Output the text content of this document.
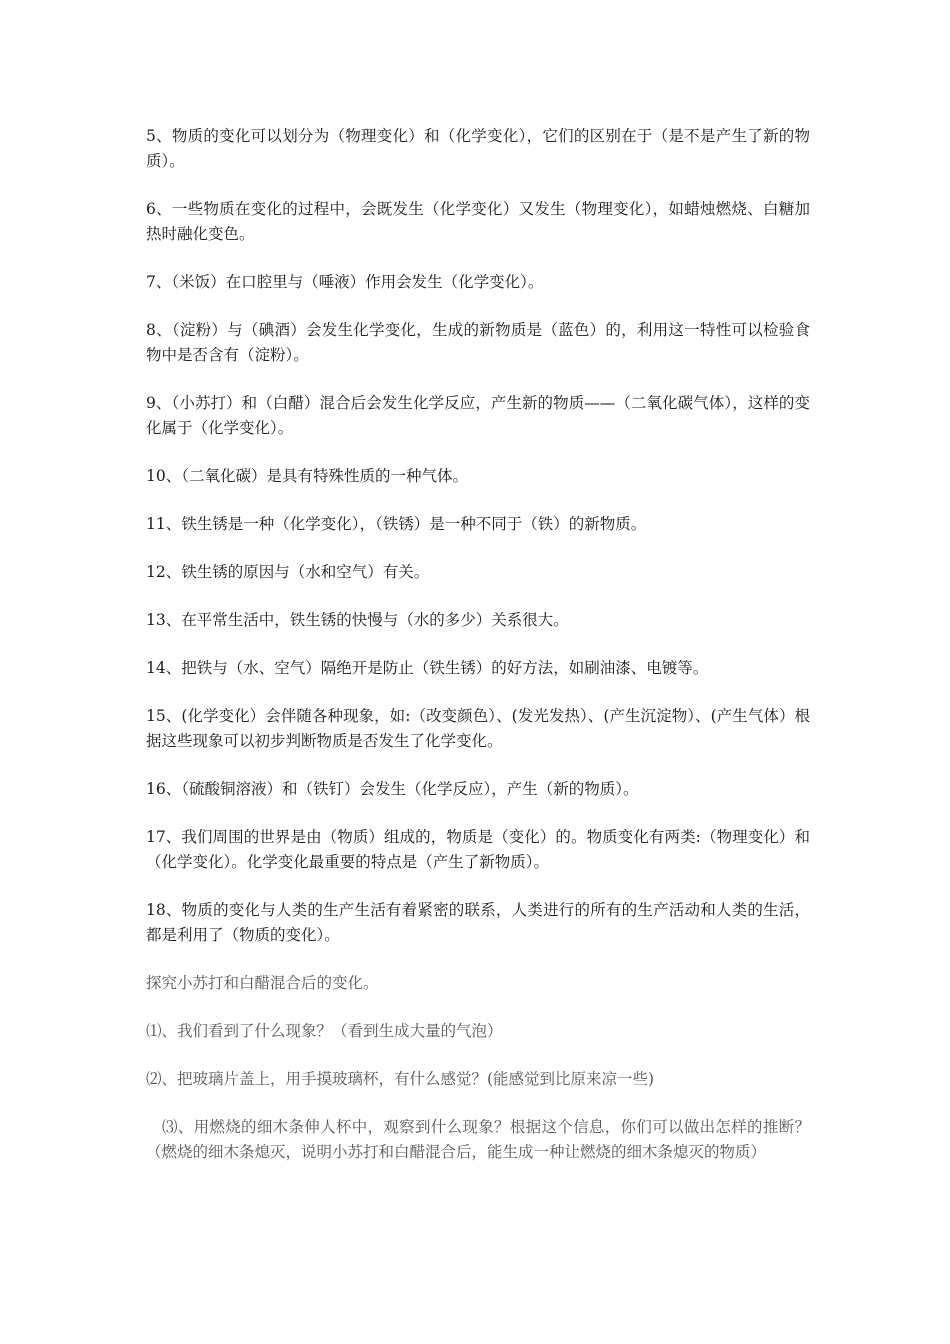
5、物质的变化可以划分为（物理变化）和（化学变化），它们的区别在于（是不是产生了新的物质）。

6、一些物质在变化的过程中，会既发生（化学变化）又发生（物理变化），如蜡烛燃烧、白糖加热时融化变色。

7、（米饭）在口腔里与（唾液）作用会发生（化学变化）。

8、（淀粉）与（碘酒）会发生化学变化，生成的新物质是（蓝色）的，利用这一特性可以检验食物中是否含有（淀粉）。

9、（小苏打）和（白醋）混合后会发生化学反应，产生新的物质——（二氧化碳气体），这样的变化属于（化学变化）。

10、（二氧化碳）是具有特殊性质的一种气体。

11、铁生锈是一种（化学变化），（铁锈）是一种不同于（铁）的新物质。

12、铁生锈的原因与（水和空气）有关。

13、在平常生活中，铁生锈的快慢与（水的多少）关系很大。

14、把铁与（水、空气）隔绝开是防止（铁生锈）的好方法，如刷油漆、电镀等。

15、(化学变化）会伴随各种现象，如:（改变颜色）、(发光发热）、(产生沉淀物）、(产生气体）根据这些现象可以初步判断物质是否发生了化学变化。

16、（硫酸铜溶液）和（铁钉）会发生（化学反应），产生（新的物质）。

17、我们周围的世界是由（物质）组成的，物质是（变化）的。物质变化有两类:（物理变化）和（化学变化）。化学变化最重要的特点是（产生了新物质）。

18、物质的变化与人类的生产生活有着紧密的联系，人类进行的所有的生产活动和人类的生活，都是利用了（物质的变化）。

探究小苏打和白醋混合后的变化。

⑴、我们看到了什么现象？（看到生成大量的气泡）

⑵、把玻璃片盖上，用手摸玻璃杯，有什么感觉？(能感觉到比原来凉一些)

⑶、用燃烧的细木条伸人杯中，观察到什么现象？根据这个信息，你们可以做出怎样的推断？（燃烧的细木条熄灭，说明小苏打和白醋混合后，能生成一种让燃烧的细木条熄灭的物质）
